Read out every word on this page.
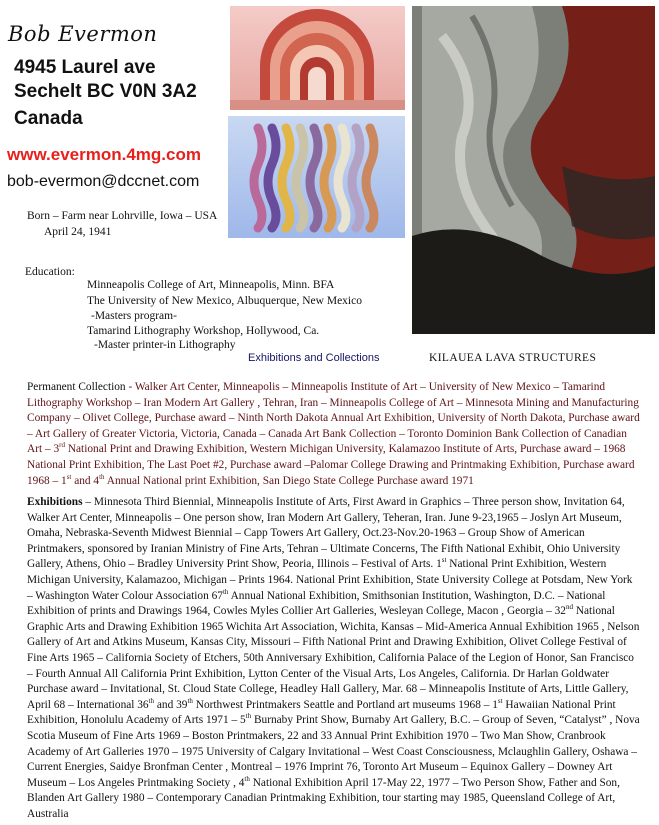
Bob Evermon
4945 Laurel ave
Sechelt BC V0N 3A2
Canada
www.evermon.4mg.com
bob-evermon@dccnet.com
Born – Farm near Lohrville, Iowa – USA
April 24, 1941
Education:
Minneapolis College of Art, Minneapolis, Minn. BFA
The University of New Mexico, Albuquerque, New Mexico
-Masters program-
Tamarind Lithography Workshop, Hollywood, Ca.
-Master printer-in Lithography
Exhibitions and Collections	KILAUEA LAVA STRUCTURES
Permanent Collection - Walker Art Center, Minneapolis – Minneapolis Institute of Art – University of New Mexico – Tamarind Lithography Workshop – Iran Modern Art Gallery , Tehran, Iran – Minneapolis College of Art – Minnesota Mining and Manufacturing Company – Olivet College, Purchase award – Ninth North Dakota Annual Art Exhibition, University of North Dakota, Purchase award – Art Gallery of Greater Victoria, Victoria, Canada – Canada Art Bank Collection – Toronto Dominion Bank Collection of Canadian Art – 3rd National Print and Drawing Exhibition, Western Michigan University, Kalamazoo Institute of Arts, Purchase award – 1968 National Print Exhibition, The Last Poet #2, Purchase award –Palomar College Drawing and Printmaking Exhibition, Purchase award 1968 – 1st and 4th Annual National print Exhibition, San Diego State College Purchase award 1971
Exhibitions – Minnesota Third Biennial, Minneapolis Institute of Arts, First Award in Graphics – Three person show, Invitation 64, Walker Art Center, Minneapolis – One person show, Iran Modern Art Gallery, Teheran, Iran. June 9-23,1965 – Joslyn Art Museum, Omaha, Nebraska-Seventh Midwest Biennial – Capp Towers Art Gallery, Oct.23-Nov.20-1963 – Group Show of American Printmakers, sponsored by Iranian Ministry of Fine Arts, Tehran – Ultimate Concerns, The Fifth National Exhibit, Ohio University Gallery, Athens, Ohio – Bradley University Print Show, Peoria, Illinois – Festival of Arts. 1st National Print Exhibition, Western Michigan University, Kalamazoo, Michigan – Prints 1964. National Print Exhibition, State University College at Potsdam, New York – Washington Water Colour Association 67th Annual National Exhibition, Smithsonian Institution, Washington, D.C. – National Exhibition of prints and Drawings 1964, Cowles Myles Collier Art Galleries, Wesleyan College, Macon , Georgia – 32nd National Graphic Arts and Drawing Exhibition 1965 Wichita Art Association, Wichita, Kansas – Mid-America Annual Exhibition 1965 , Nelson Gallery of Art and Atkins Museum, Kansas City, Missouri – Fifth National Print and Drawing Exhibition, Olivet College Festival of Fine Arts 1965 – California Society of Etchers, 50th Anniversary Exhibition, California Palace of the Legion of Honor, San Francisco – Fourth Annual All California Print Exhibition, Lytton Center of the Visual Arts, Los Angeles, California. Dr Harlan Goldwater Purchase award – Invitational, St. Cloud State College, Headley Hall Gallery, Mar. 68 – Minneapolis Institute of Arts, Little Gallery, April 68 – International 36th and 39th Northwest Printmakers Seattle and Portland art museums 1968 – 1st Hawaiian National Print Exhibition, Honolulu Academy of Arts 1971 – 5th Burnaby Print Show, Burnaby Art Gallery, B.C. – Group of Seven, “Catalyst” , Nova Scotia Museum of Fine Arts 1969 – Boston Printmakers, 22 and 33 Annual Print Exhibition 1970 – Two Man Show, Cranbrook Academy of Art Galleries 1970 – 1975 University of Calgary Invitational – West Coast Consciousness, Mclaughlin Gallery, Oshawa – Current Energies, Saidye Bronfman Center , Montreal – 1976 Imprint 76, Toronto Art Museum – Equinox Gallery – Downey Art Museum – Los Angeles Printmaking Society , 4th National Exhibition April 17-May 22, 1977 – Two Person Show, Father and Son, Blanden Art Gallery 1980 – Contemporary Canadian Printmaking Exhibition, tour starting may 1985, Queensland College of Art, Australia
